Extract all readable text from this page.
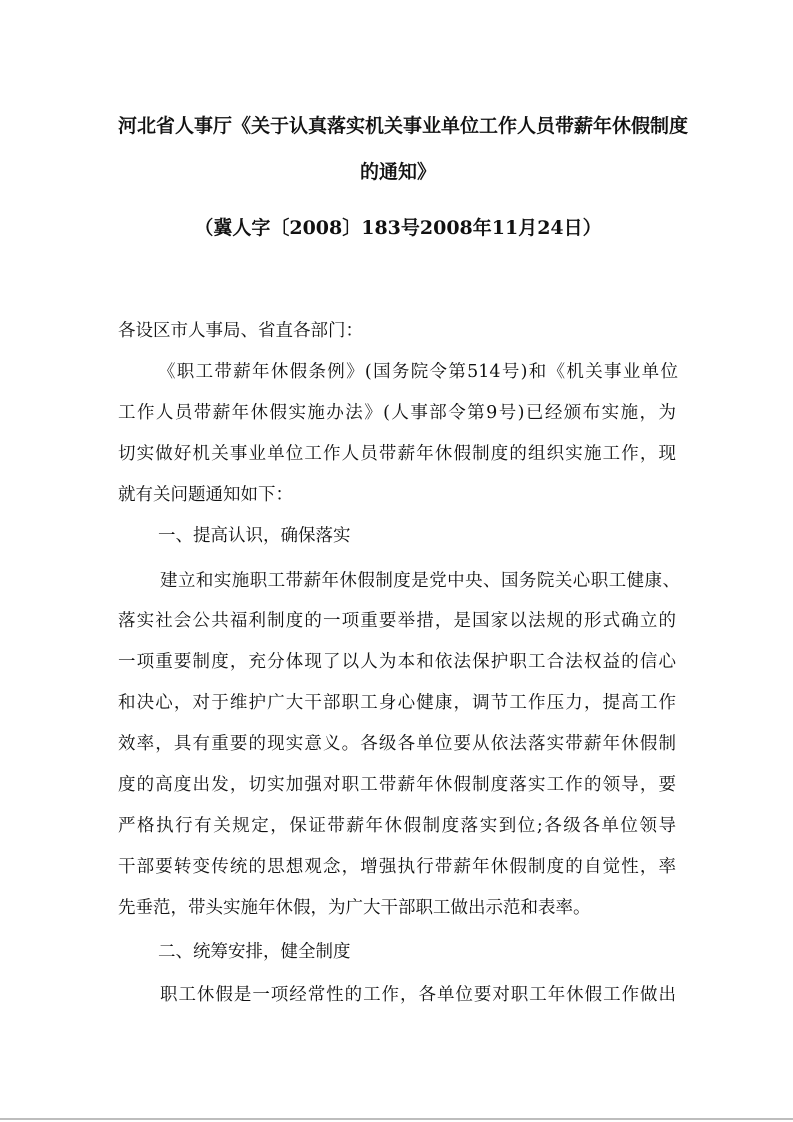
河北省人事厅《关于认真落实机关事业单位工作人员带薪年休假制度
的通知》
（冀人字〔2008〕183号2008年11月24日）
各设区市人事局、省直各部门：
《职工带薪年休假条例》(国务院令第514号)和《机关事业单位
工作人员带薪年休假实施办法》(人事部令第9号)已经颁布实施，为
切实做好机关事业单位工作人员带薪年休假制度的组织实施工作，现
就有关问题通知如下：
一、提高认识，确保落实
建立和实施职工带薪年休假制度是党中央、国务院关心职工健康、
落实社会公共福利制度的一项重要举措，是国家以法规的形式确立的
一项重要制度，充分体现了以人为本和依法保护职工合法权益的信心
和决心，对于维护广大干部职工身心健康，调节工作压力，提高工作
效率，具有重要的现实意义。各级各单位要从依法落实带薪年休假制
度的高度出发，切实加强对职工带薪年休假制度落实工作的领导，要
严格执行有关规定，保证带薪年休假制度落实到位;各级各单位领导
干部要转变传统的思想观念，增强执行带薪年休假制度的自觉性，率
先垂范，带头实施年休假，为广大干部职工做出示范和表率。
二、统筹安排，健全制度
职工休假是一项经常性的工作，各单位要对职工年休假工作做出
